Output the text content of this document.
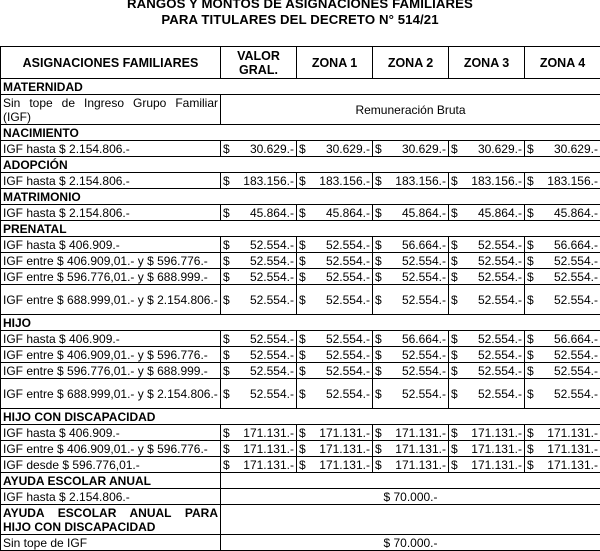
RANGOS Y MONTOS DE ASIGNACIONES FAMILIARES
PARA TITULARES DEL DECRETO N° 514/21
ASIGNACIONES FAMILIARES	VALOR GRAL.	ZONA 1	ZONA 2	ZONA 3	ZONA 4
MATERNIDAD					
Sin tope de Ingreso Grupo Familiar (IGF)	Remuneración Bruta				
NACIMIENTO					
IGF hasta $ 2.154.806.-	$ 30.629.-	$ 30.629.-	$ 30.629.-	$ 30.629.-	$ 30.629.-
ADOPCIÓN					
IGF hasta $ 2.154.806.-	$ 183.156.-	$ 183.156.-	$ 183.156.-	$ 183.156.-	$ 183.156.-
MATRIMONIO					
IGF hasta $ 2.154.806.-	$ 45.864.-	$ 45.864.-	$ 45.864.-	$ 45.864.-	$ 45.864.-
PRENATAL					
IGF hasta $ 406.909.-	$ 52.554.-	$ 52.554.-	$ 56.664.-	$ 52.554.-	$ 56.664.-
IGF entre $ 406.909,01.- y $ 596.776.-	$ 52.554.-	$ 52.554.-	$ 52.554.-	$ 52.554.-	$ 52.554.-
IGF entre $ 596.776,01.- y $ 688.999.-	$ 52.554.-	$ 52.554.-	$ 52.554.-	$ 52.554.-	$ 52.554.-
IGF entre $ 688.999,01.- y $ 2.154.806.-	$ 52.554.-	$ 52.554.-	$ 52.554.-	$ 52.554.-	$ 52.554.-
HIJO					
IGF hasta $ 406.909.-	$ 52.554.-	$ 52.554.-	$ 56.664.-	$ 52.554.-	$ 56.664.-
IGF entre $ 406.909,01.- y $ 596.776.-	$ 52.554.-	$ 52.554.-	$ 52.554.-	$ 52.554.-	$ 52.554.-
IGF entre $ 596.776,01.- y $ 688.999.-	$ 52.554.-	$ 52.554.-	$ 52.554.-	$ 52.554.-	$ 52.554.-
IGF entre $ 688.999,01.- y $ 2.154.806.-	$ 52.554.-	$ 52.554.-	$ 52.554.-	$ 52.554.-	$ 52.554.-
HIJO CON DISCAPACIDAD					
IGF hasta $ 406.909.-	$ 171.131.-	$ 171.131.-	$ 171.131.-	$ 171.131.-	$ 171.131.-
IGF entre $ 406.909,01.- y $ 596.776.-	$ 171.131.-	$ 171.131.-	$ 171.131.-	$ 171.131.-	$ 171.131.-
IGF desde $ 596.776,01.-	$ 171.131.-	$ 171.131.-	$ 171.131.-	$ 171.131.-	$ 171.131.-
AYUDA ESCOLAR ANUAL					
IGF hasta $ 2.154.806.-	$ 70.000.-				
AYUDA ESCOLAR ANUAL PARA HIJO CON DISCAPACIDAD					
Sin tope de IGF	$ 70.000.-				
